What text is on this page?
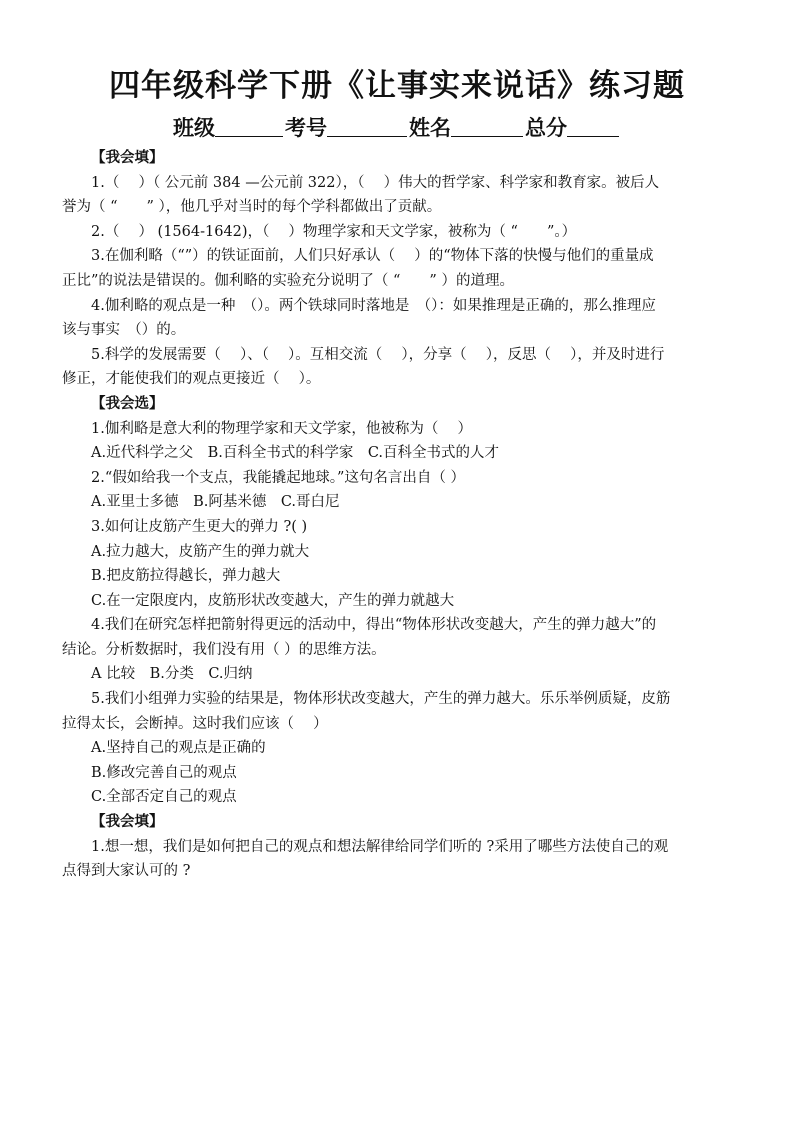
四年级科学下册《让事实来说话》练习题
班级	考号	姓名	总分
【我会填】
1.（　 ）（ 公元前 384 —公元前 322），（　 ）伟大的哲学家、科学家和教育家。被后人
誉为（ “　　” ），他几乎对当时的每个学科都做出了贡献。
2.（　 ） (1564-1642)，（　 ）物理学家和天文学家，被称为（ “　　”。）
3.在伽利略（“”）的铁证面前，人们只好承认（　 ）的“物体下落的快慢与他们的重量成
正比”的说法是错误的。伽利略的实验充分说明了（ “　　” ）的道理。
4.伽利略的观点是一种　（）。两个铁球同时落地是　（）：如果推理是正确的，那么推理应
该与事实　（）的。
5.科学的发展需要（　 ）、（　 ）。互相交流（　 ），分享（　 ），反思（　 ），并及时进行
修正，才能使我们的观点更接近（　 ）。
【我会选】
1.伽利略是意大利的物理学家和天文学家，他被称为（　 ）
A.近代科学之父　B.百科全书式的科学家　C.百科全书式的人才
2.“假如给我一个支点，我能撬起地球。”这句名言出自（ ）
A.亚里士多德　B.阿基米德　C.哥白尼
3.如何让皮筋产生更大的弹力 ?( )
A.拉力越大，皮筋产生的弹力就大
B.把皮筋拉得越长，弹力越大
C.在一定限度内，皮筋形状改变越大，产生的弹力就越大
4.我们在研究怎样把箭射得更远的活动中，得出“物体形状改变越大，产生的弹力越大”的
结论。分析数据时，我们没有用（ ）的思维方法。
A 比较　B.分类　C.归纳
5.我们小组弹力实验的结果是，物体形状改变越大，产生的弹力越大。乐乐举例质疑，皮筋
拉得太长，会断掉。这时我们应该（　 ）
A.坚持自己的观点是正确的
B.修改完善自己的观点
C.全部否定自己的观点
【我会填】
1.想一想，我们是如何把自己的观点和想法解律给同学们听的 ?采用了哪些方法使自己的观
点得到大家认可的 ?
